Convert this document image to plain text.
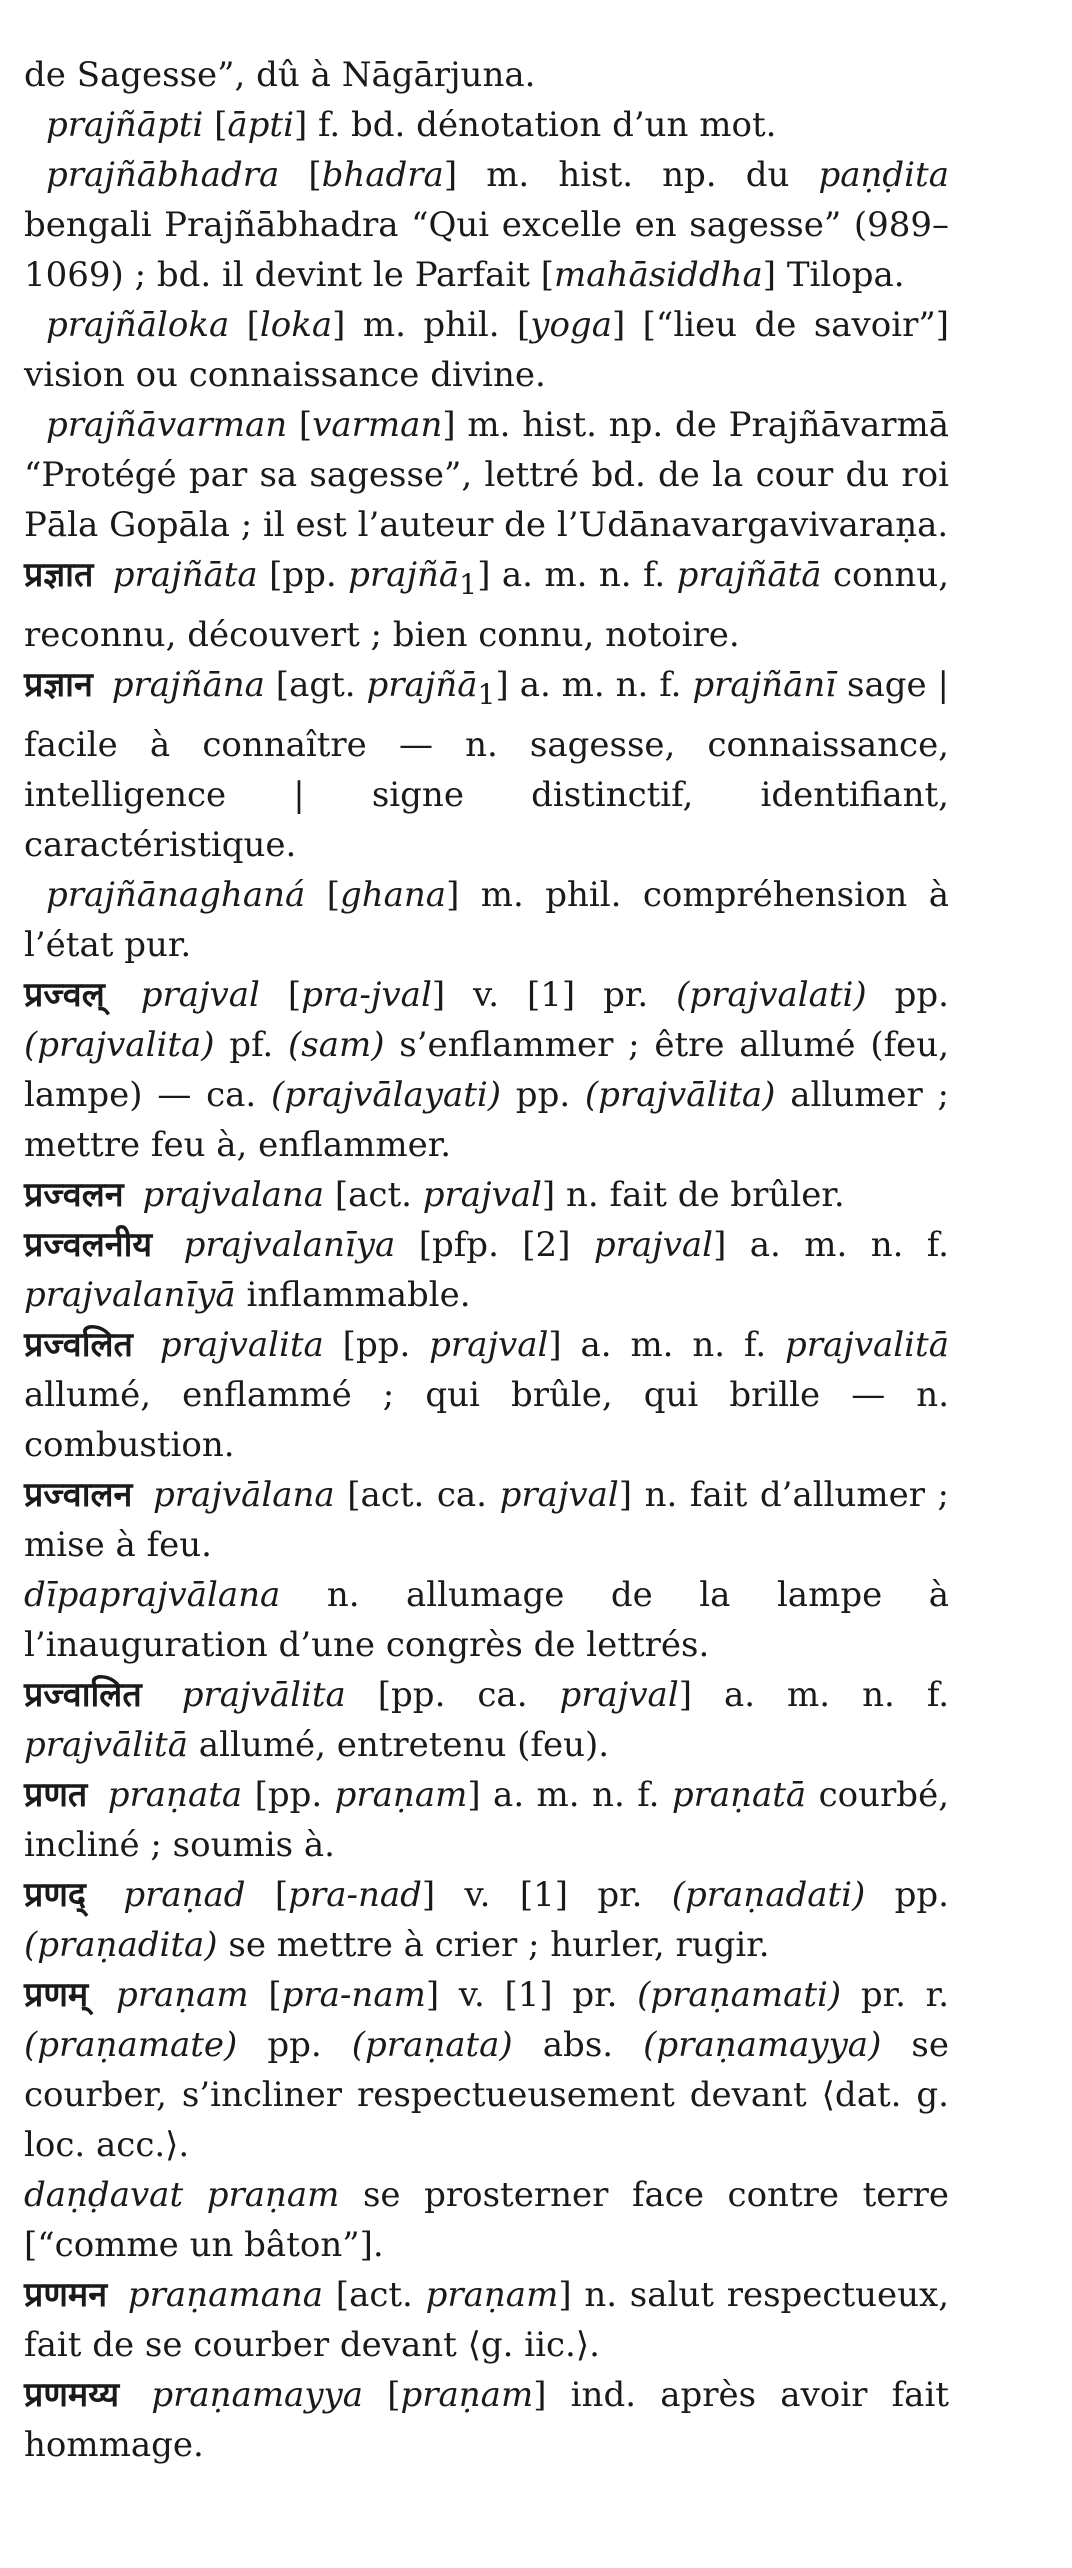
de Sagesse”, dû à Nāgārjuna.

prajñāpti [āpti] f. bd. dénotation d’un mot.

prajñābhadra [bhadra] m. hist. np. du paṇḍita bengali Prajñābhadra “Qui excelle en sagesse” (989–1069) ; bd. il devint le Parfait [mahāsiddha] Tilopa.

prajñāloka [loka] m. phil. [yoga] [“lieu de savoir”] vision ou connaissance divine.

prajñāvarman [varman] m. hist. np. de Prajñāvarmā “Protégé par sa sagesse”, lettré bd. de la cour du roi Pāla Gopāla ; il est l’auteur de l’Udānavargavivaraṇa.

प्रज्ञात prajñāta [pp. prajñā$_1$] a. m. n. f. prajñātā connu, reconnu, découvert ; bien connu, notoire.

प्रज्ञान prajñāna [agt. prajñā$_1$] a. m. n. f. prajñānī sage | facile à connaître — n. sagesse, connaissance, intelligence | signe distinctif, identifiant, caractéristique.

prajñānaghaná [ghana] m. phil. compréhension à l’état pur.

प्रज्वल् prajval [pra-jval] v. [1] pr. (prajvalati) pp. (prajvalita) pf. (sam) s’enflammer ; être allumé (feu, lampe) — ca. (prajvālayati) pp. (prajvālita) allumer ; mettre feu à, enflammer.

प्रज्वलन prajvalana [act. prajval] n. fait de brûler.

प्रज्वलनीय prajvalanīya [pfp. [2] prajval] a. m. n. f. prajvalanīyā inflammable.

प्रज्वलित prajvalita [pp. prajval] a. m. n. f. prajvalitā allumé, enflammé ; qui brûle, qui brille — n. combustion.

प्रज्वालन prajvālana [act. ca. prajval] n. fait d’allumer ; mise à feu.

dīpaprajvālana n. allumage de la lampe à l’inauguration d’une congrès de lettrés.

प्रज्वालित prajvālita [pp. ca. prajval] a. m. n. f. prajvālitā allumé, entretenu (feu).

प्रणत praṇata [pp. praṇam] a. m. n. f. praṇatā courbé, incliné ; soumis à.

प्रणद् praṇad [pra-nad] v. [1] pr. (praṇadati) pp. (praṇadita) se mettre à crier ; hurler, rugir.

प्रणम् praṇam [pra-nam] v. [1] pr. (praṇamati) pr. r. (praṇamate) pp. (praṇata) abs. (praṇamayya) se courber, s’incliner respectueusement devant ⟨dat. g. loc. acc.⟩.

daṇḍavat praṇam se prosterner face contre terre [“comme un bâton”].

प्रणमन praṇamana [act. praṇam] n. salut respectueux, fait de se courber devant ⟨g. iic.⟩.

प्रणमय्य praṇamayya [praṇam] ind. après avoir fait hommage.
